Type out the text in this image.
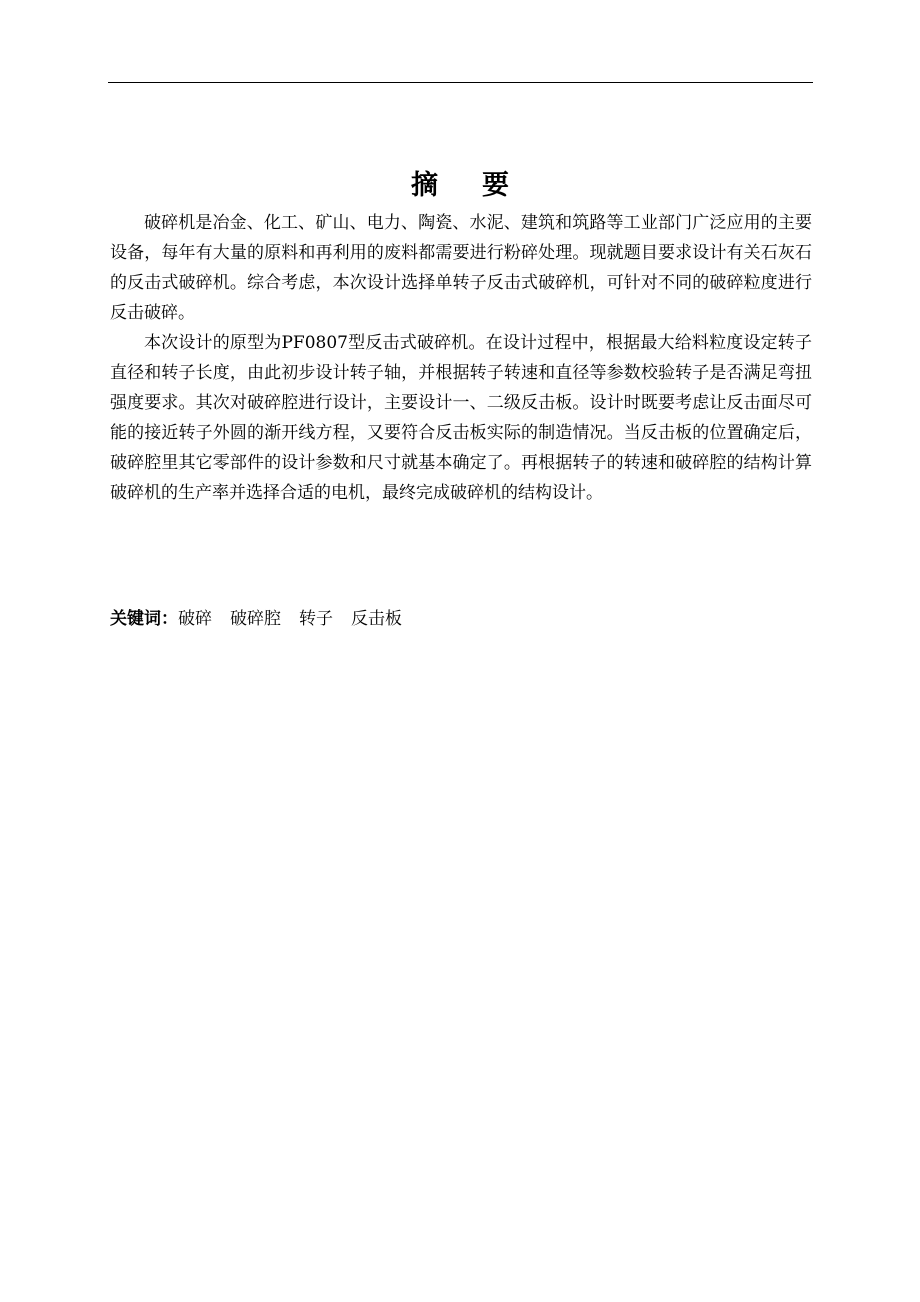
摘 要

破碎机是冶金、化工、矿山、电力、陶瓷、水泥、建筑和筑路等工业部门广泛应用的主要设备，每年有大量的原料和再利用的废料都需要进行粉碎处理。现就题目要求设计有关石灰石的反击式破碎机。综合考虑，本次设计选择单转子反击式破碎机，可针对不同的破碎粒度进行反击破碎。

本次设计的原型为PF0807型反击式破碎机。在设计过程中，根据最大给料粒度设定转子直径和转子长度，由此初步设计转子轴，并根据转子转速和直径等参数校验转子是否满足弯扭强度要求。其次对破碎腔进行设计，主要设计一、二级反击板。设计时既要考虑让反击面尽可能的接近转子外圆的渐开线方程，又要符合反击板实际的制造情况。当反击板的位置确定后，破碎腔里其它零部件的设计参数和尺寸就基本确定了。再根据转子的转速和破碎腔的结构计算破碎机的生产率并选择合适的电机，最终完成破碎机的结构设计。

关键词：破碎 破碎腔 转子 反击板
